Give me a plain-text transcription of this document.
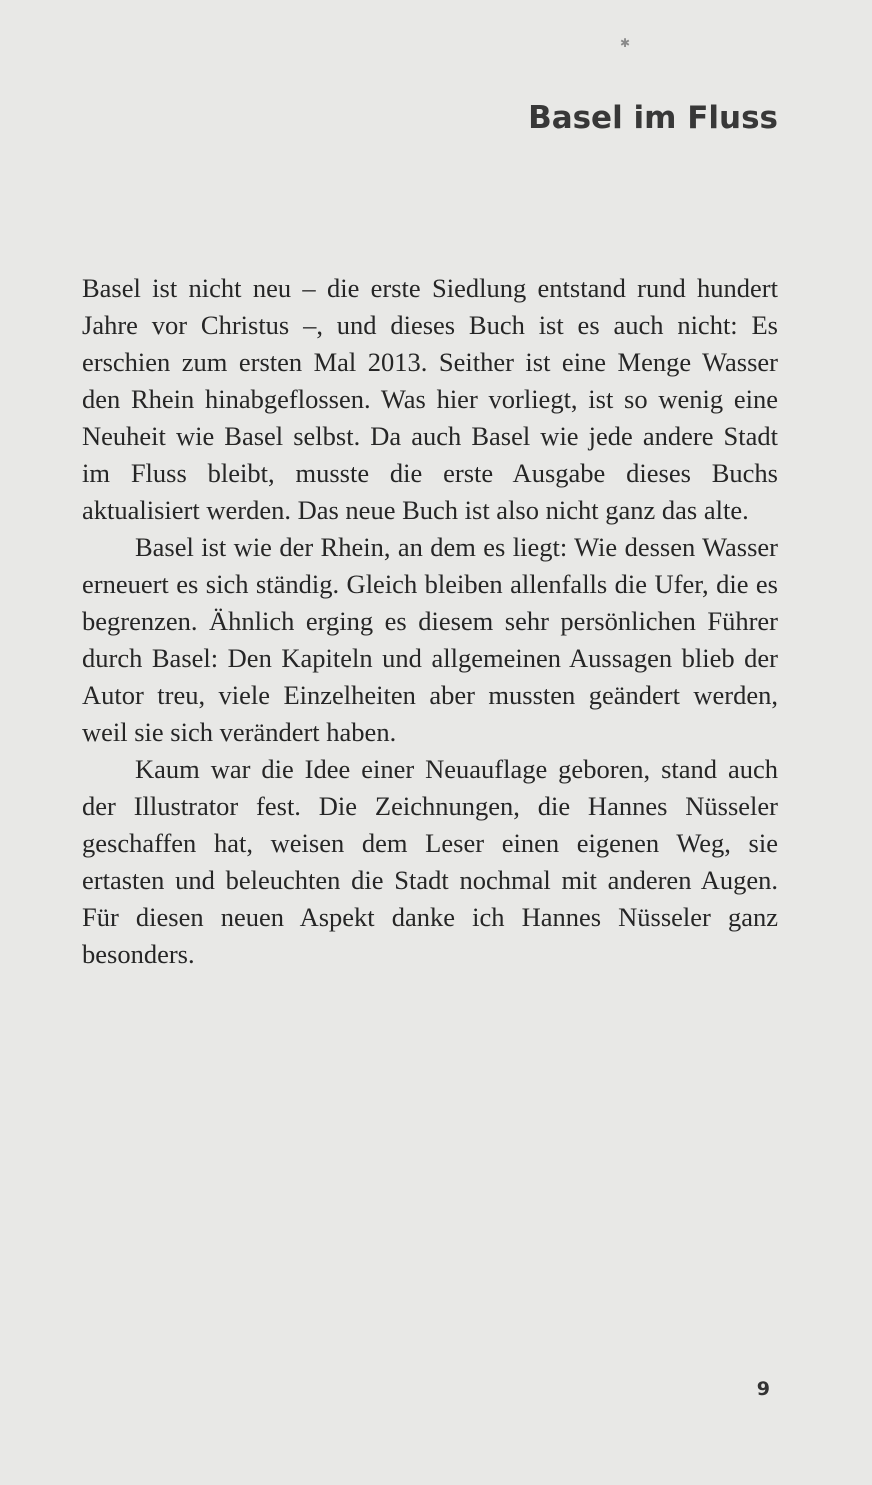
✱
Basel im Fluss

Basel ist nicht neu – die erste Siedlung entstand rund hundert Jahre vor Christus –, und dieses Buch ist es auch nicht: Es erschien zum ersten Mal 2013. Seither ist eine Menge Wasser den Rhein hinabgeflossen. Was hier vorliegt, ist so wenig eine Neuheit wie Basel selbst. Da auch Basel wie jede andere Stadt im Fluss bleibt, musste die erste Ausgabe dieses Buchs aktualisiert werden. Das neue Buch ist also nicht ganz das alte.

Basel ist wie der Rhein, an dem es liegt: Wie dessen Wasser erneuert es sich ständig. Gleich bleiben allenfalls die Ufer, die es begrenzen. Ähnlich erging es diesem sehr persönlichen Führer durch Basel: Den Kapiteln und allgemeinen Aussagen blieb der Autor treu, viele Einzelheiten aber mussten geändert werden, weil sie sich verändert haben.

Kaum war die Idee einer Neuauflage geboren, stand auch der Illustrator fest. Die Zeichnungen, die Hannes Nüsseler geschaffen hat, weisen dem Leser einen eigenen Weg, sie ertasten und beleuchten die Stadt nochmal mit anderen Augen. Für diesen neuen Aspekt danke ich Hannes Nüsseler ganz besonders.

9
